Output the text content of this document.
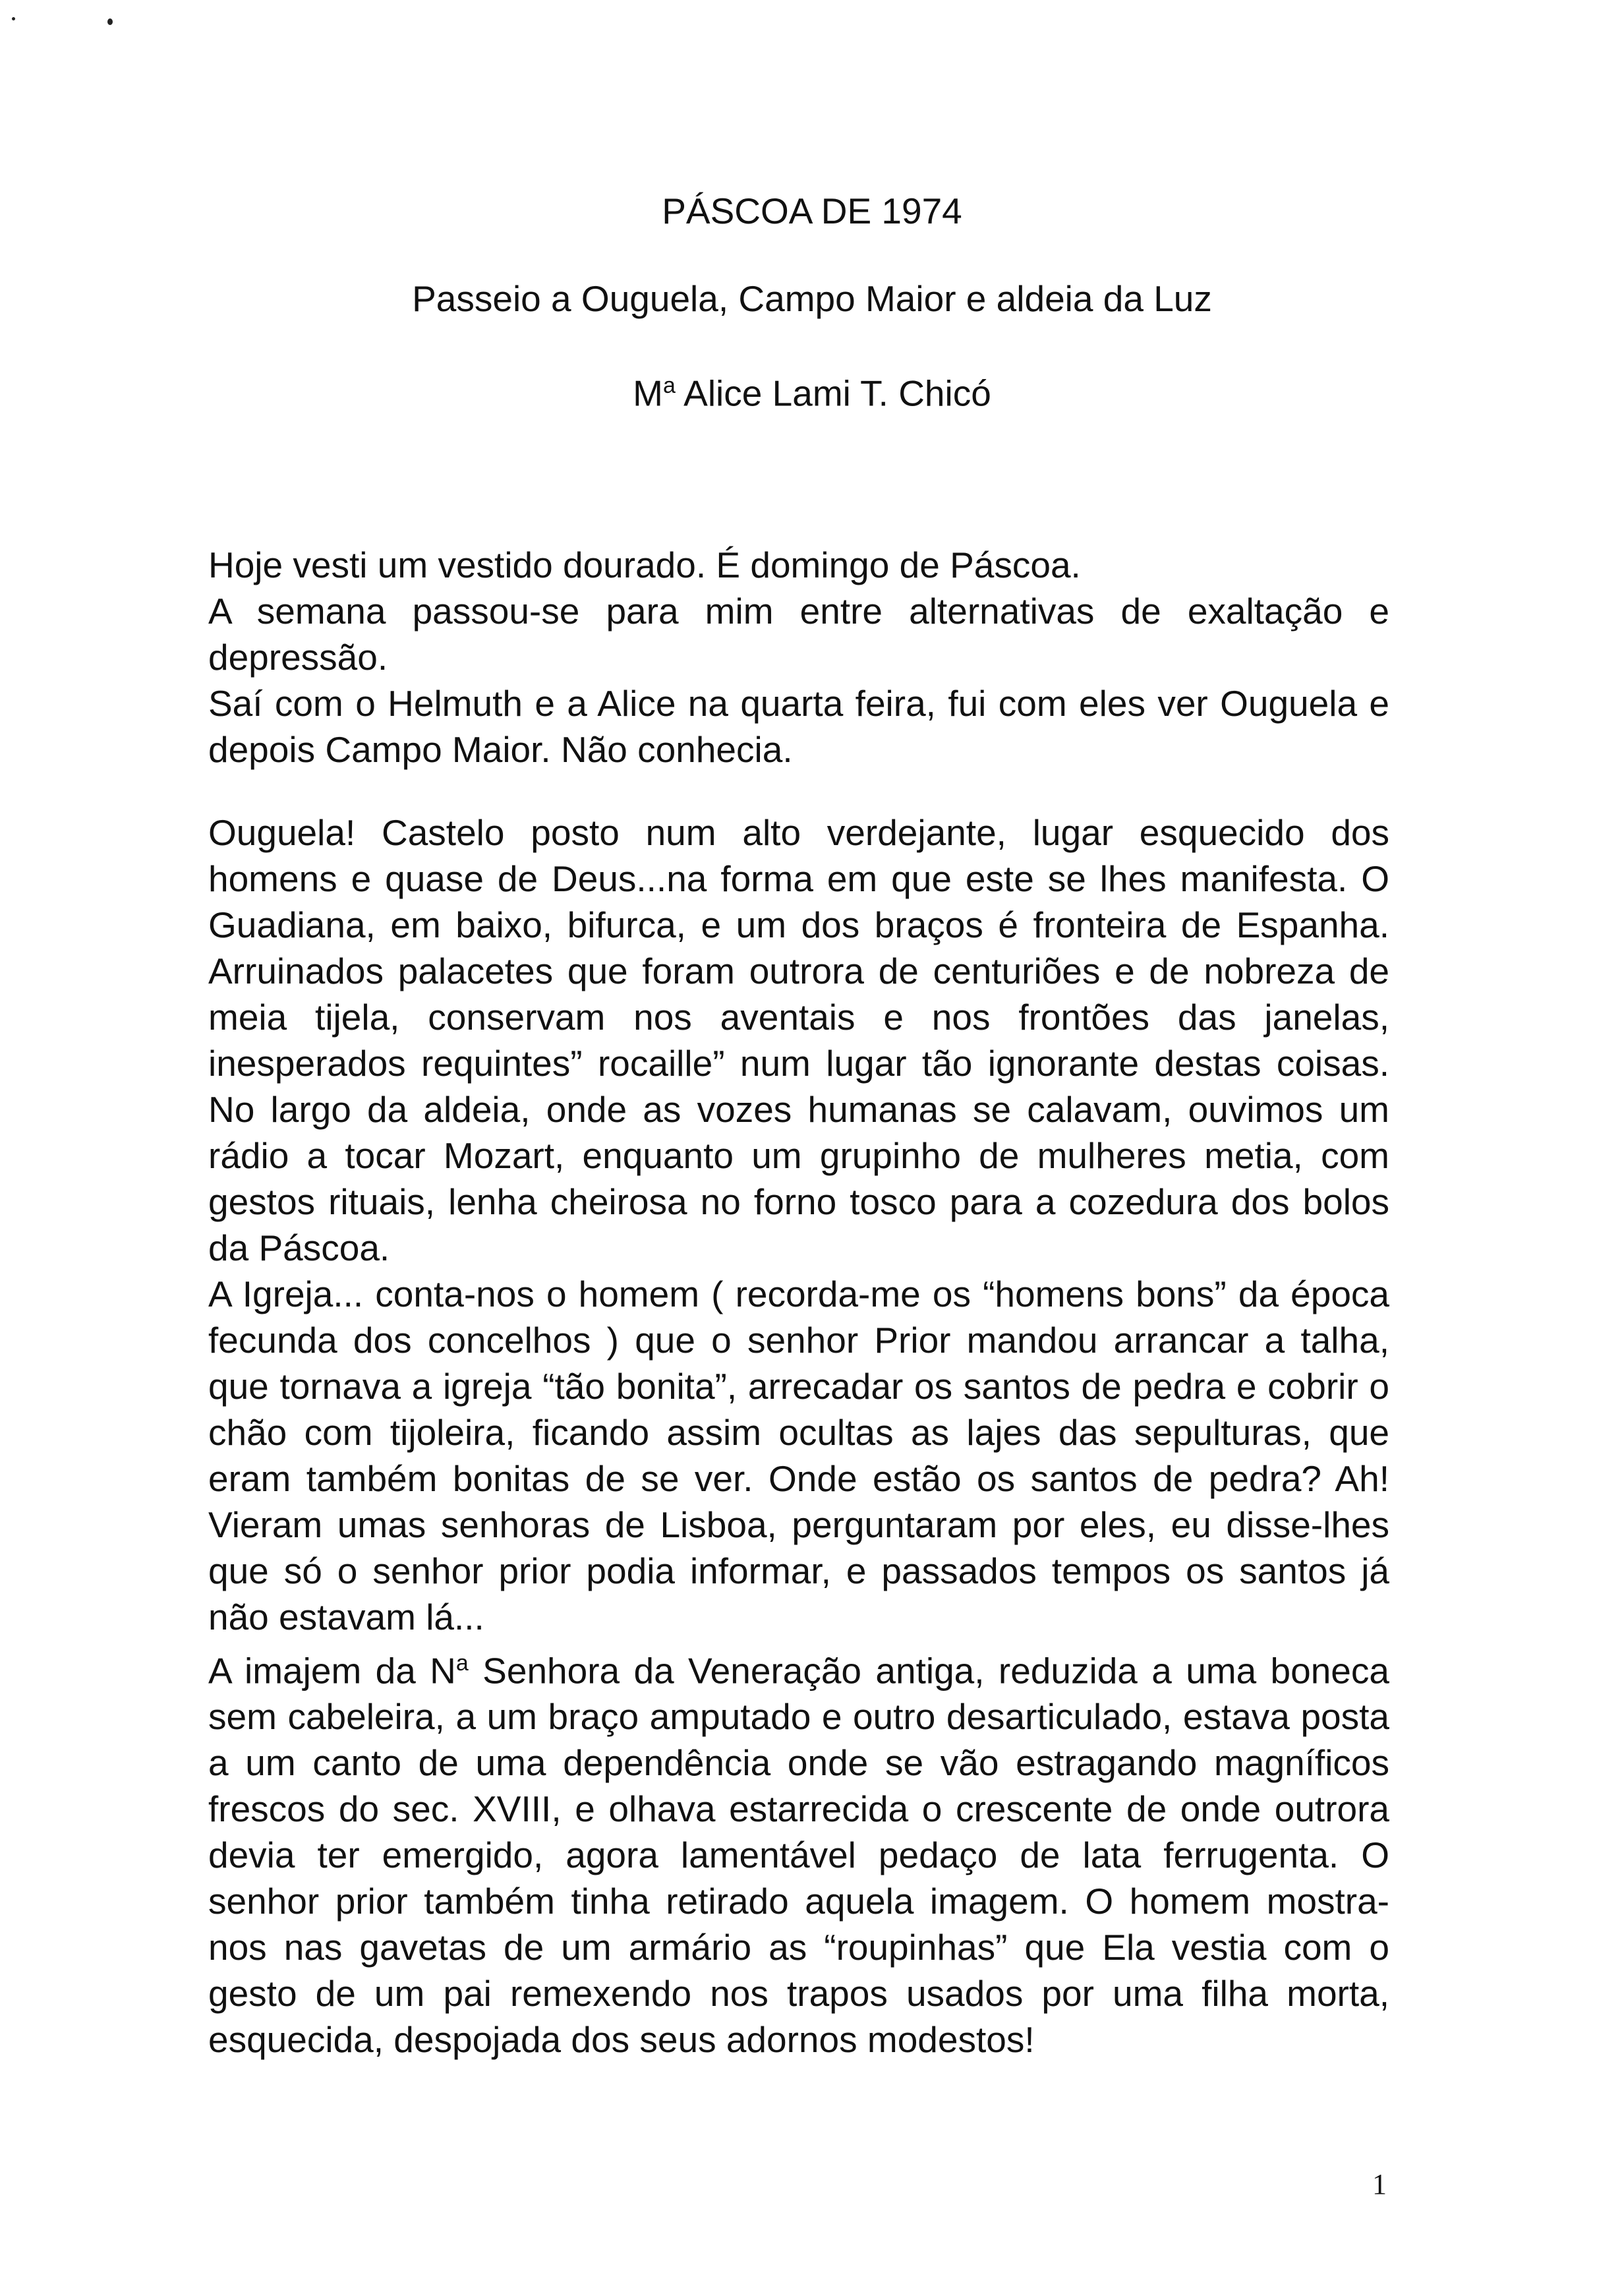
PÁSCOA DE 1974
Passeio a Ouguela, Campo Maior e aldeia da Luz
$M^a$ Alice Lami T. Chicó

Hoje vesti um vestido dourado. É domingo de Páscoa.

A semana passou-se para mim entre alternativas de exaltação e depressão.

Saí com o Helmuth e a Alice na quarta feira, fui com eles ver Ouguela e depois Campo Maior. Não conhecia.

Ouguela! Castelo posto num alto verdejante, lugar esquecido dos homens e quase de Deus...na forma em que este se lhes manifesta. O Guadiana, em baixo, bifurca, e um dos braços é fronteira de Espanha. Arruinados palacetes que foram outrora de centuriões e de nobreza de meia tijela, conservam nos aventais e nos frontões das janelas, inesperados requintes” rocaille” num lugar tão ignorante destas coisas. No largo da aldeia, onde as vozes humanas se calavam, ouvimos um rádio a tocar Mozart, enquanto um grupinho de mulheres metia, com gestos rituais, lenha cheirosa no forno tosco para a cozedura dos bolos da Páscoa.

A Igreja... conta-nos o homem ( recorda-me os “homens bons” da época fecunda dos concelhos ) que o senhor Prior mandou arrancar a talha, que tornava a igreja “tão bonita”, arrecadar os santos de pedra e cobrir o chão com tijoleira, ficando assim ocultas as lajes das sepulturas, que eram também bonitas de se ver. Onde estão os santos de pedra? Ah! Vieram umas senhoras de Lisboa, perguntaram por eles, eu disse-lhes que só o senhor prior podia informar, e passados tempos os santos já não estavam lá...

A imajem da $N^a$ Senhora da Veneração antiga, reduzida a uma boneca sem cabeleira, a um braço amputado e outro desarticulado, estava posta a um canto de uma dependência onde se vão estragando magníficos frescos do sec. XVIII, e olhava estarrecida o crescente de onde outrora devia ter emergido, agora lamentável pedaço de lata ferrugenta. O senhor prior também tinha retirado aquela imagem. O homem mostra-nos nas gavetas de um armário as “roupinhas” que Ela vestia com o gesto de um pai remexendo nos trapos usados por uma filha morta, esquecida, despojada dos seus adornos modestos!

1
